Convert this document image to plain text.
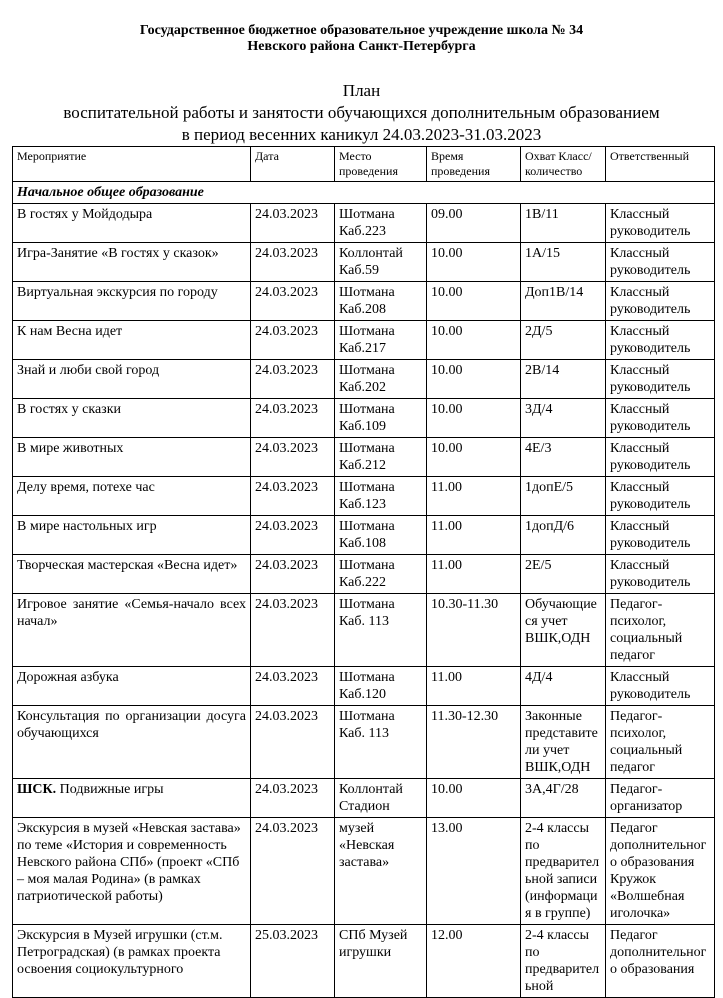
Государственное бюджетное образовательное учреждение школа № 34
Невского района Санкт-Петербурга
План
воспитательной работы и занятости обучающихся дополнительным образованием
в период весенних каникул 24.03.2023-31.03.2023
Мероприятие	Дата	Место проведения	Время проведения	Охват Класс/количество	Ответственный
Начальное общее образование					
В гостях у Мойдодыра	24.03.2023	Шотмана Каб.223	09.00	1В/11	Классный руководитель
Игра-Занятие «В гостях у сказок»	24.03.2023	Коллонтай Каб.59	10.00	1А/15	Классный руководитель
Виртуальная экскурсия по городу	24.03.2023	Шотмана Каб.208	10.00	Доп1В/14	Классный руководитель
К нам Весна идет	24.03.2023	Шотмана Каб.217	10.00	2Д/5	Классный руководитель
Знай и люби свой город	24.03.2023	Шотмана Каб.202	10.00	2В/14	Классный руководитель
В гостях у сказки	24.03.2023	Шотмана Каб.109	10.00	3Д/4	Классный руководитель
В мире животных	24.03.2023	Шотмана Каб.212	10.00	4Е/3	Классный руководитель
Делу время, потехе час	24.03.2023	Шотмана Каб.123	11.00	1допЕ/5	Классный руководитель
В мире настольных игр	24.03.2023	Шотмана Каб.108	11.00	1допД/6	Классный руководитель
Творческая мастерская «Весна идет»	24.03.2023	Шотмана Каб.222	11.00	2Е/5	Классный руководитель
Игровое занятие «Семья-начало всех начал»	24.03.2023	Шотмана Каб. 113	10.30-11.30	Обучающиеся учет ВШК,ОДН	Педагог-психолог, социальный педагог
Дорожная азбука	24.03.2023	Шотмана Каб.120	11.00	4Д/4	Классный руководитель
Консультация по организации досуга обучающихся	24.03.2023	Шотмана Каб. 113	11.30-12.30	Законные представители учет ВШК,ОДН	Педагог-психолог, социальный педагог
ШСК. Подвижные игры	24.03.2023	Коллонтай Стадион	10.00	3А,4Г/28	Педагог-организатор
Экскурсия в музей «Невская застава» по теме «История и современность Невского района СПб» (проект «СПб – моя малая Родина» (в рамках патриотической работы)	24.03.2023	музей «Невская застава»	13.00	2-4 классы по предварительной записи (информация в группе)	Педагог дополнительного образования Кружок «Волшебная иголочка»
Экскурсия в Музей игрушки (ст.м. Петроградская) (в рамках проекта освоения социокультурного	25.03.2023	СПб Музей игрушки	12.00	2-4 классы по предварительной	Педагог дополнительного образования
